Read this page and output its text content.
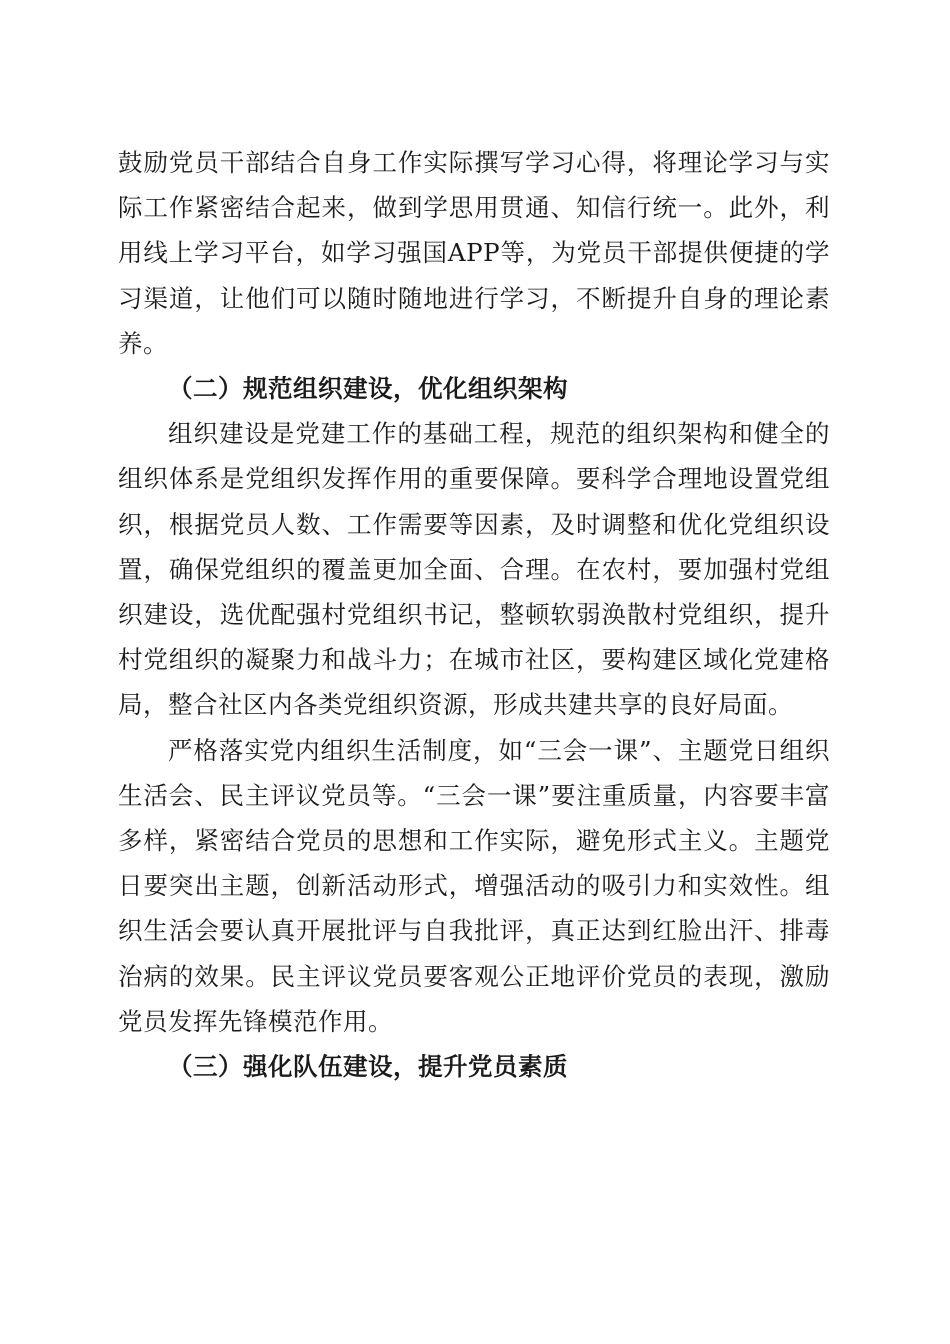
鼓励党员干部结合自身工作实际撰写学习心得，将理论学习与实际工作紧密结合起来，做到学思用贯通、知信行统一。此外，利用线上学习平台，如学习强国APP等，为党员干部提供便捷的学习渠道，让他们可以随时随地进行学习，不断提升自身的理论素养。

（二）规范组织建设，优化组织架构

组织建设是党建工作的基础工程，规范的组织架构和健全的组织体系是党组织发挥作用的重要保障。要科学合理地设置党组织，根据党员人数、工作需要等因素，及时调整和优化党组织设置，确保党组织的覆盖更加全面、合理。在农村，要加强村党组织建设，选优配强村党组织书记，整顿软弱涣散村党组织，提升村党组织的凝聚力和战斗力；在城市社区，要构建区域化党建格局，整合社区内各类党组织资源，形成共建共享的良好局面。

严格落实党内组织生活制度，如“三会一课”、主题党日组织生活会、民主评议党员等。“三会一课”要注重质量，内容要丰富多样，紧密结合党员的思想和工作实际，避免形式主义。主题党日要突出主题，创新活动形式，增强活动的吸引力和实效性。组织生活会要认真开展批评与自我批评，真正达到红脸出汗、排毒治病的效果。民主评议党员要客观公正地评价党员的表现，激励党员发挥先锋模范作用。

（三）强化队伍建设，提升党员素质
